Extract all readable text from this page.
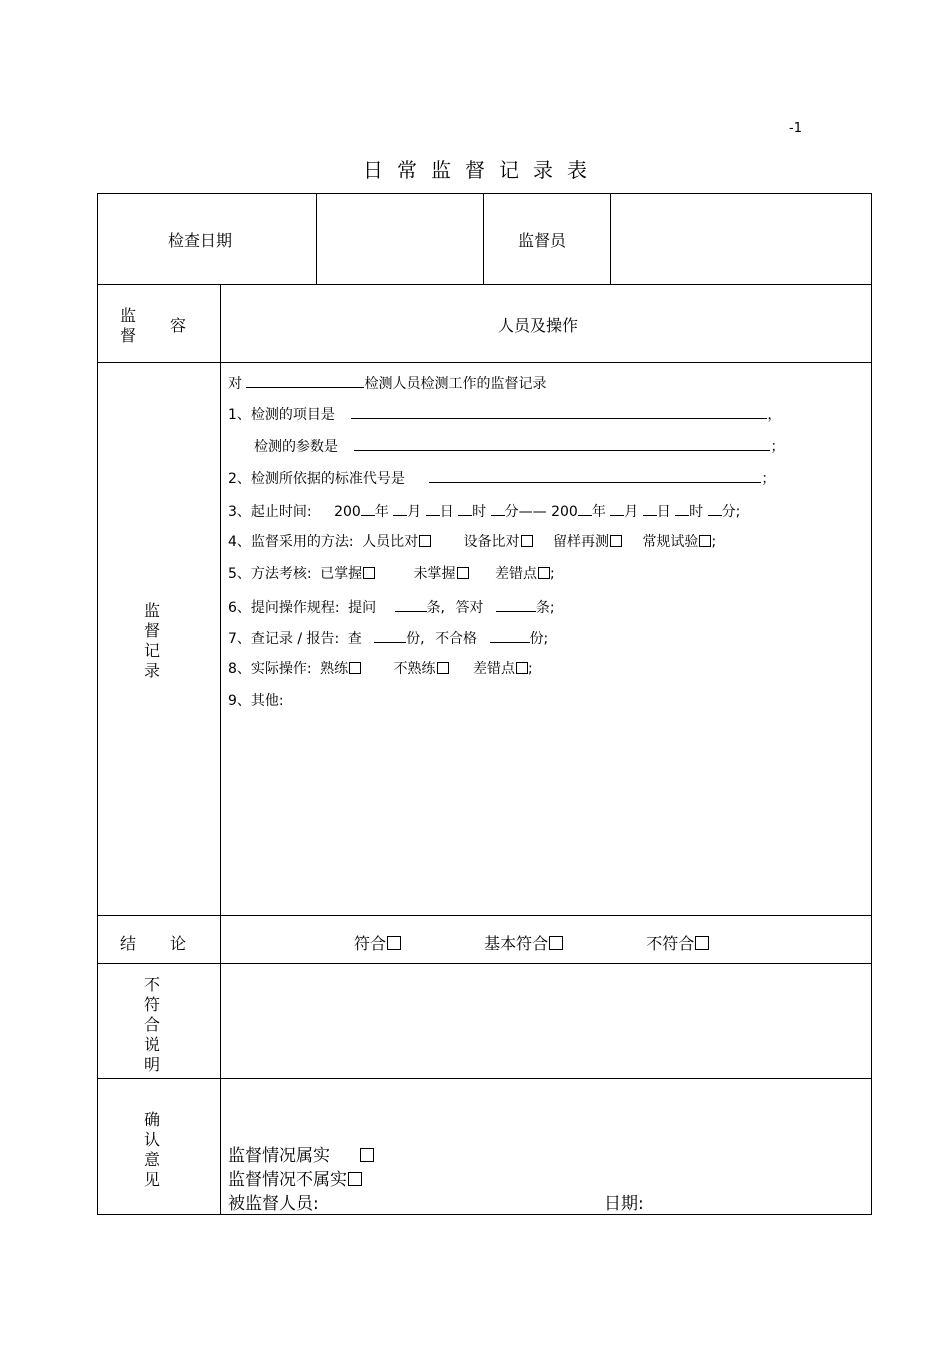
-1
日常监督记录表
检查日期	监督员
监
督
容	人员及操作
监
督
记
录
对	检测人员检测工作的监督记录
1、检测的项目是	，
检测的参数是	；
2、检测所依据的标准代号是	；
3、起止时间: 200 年 月 日 时 分—— 200 年 月 日 时 分;
4、监督采用的方法: 人员比对	设备比对 留样再测 常规试验 ;
5、方法考核: 已掌握	未掌握	差错点 ;
6、提问操作规程: 提问	条, 答对	条;
7、查记录 / 报告: 查	份, 不合格	份;
8、实际操作: 熟练	不熟练	差错点 ;
9、其他:
结 论	符合	基本符合	不符合
不
符
合
说
明
确
认
意
见
监督情况属实
监督情况不属实
被监督人员:	日期:
